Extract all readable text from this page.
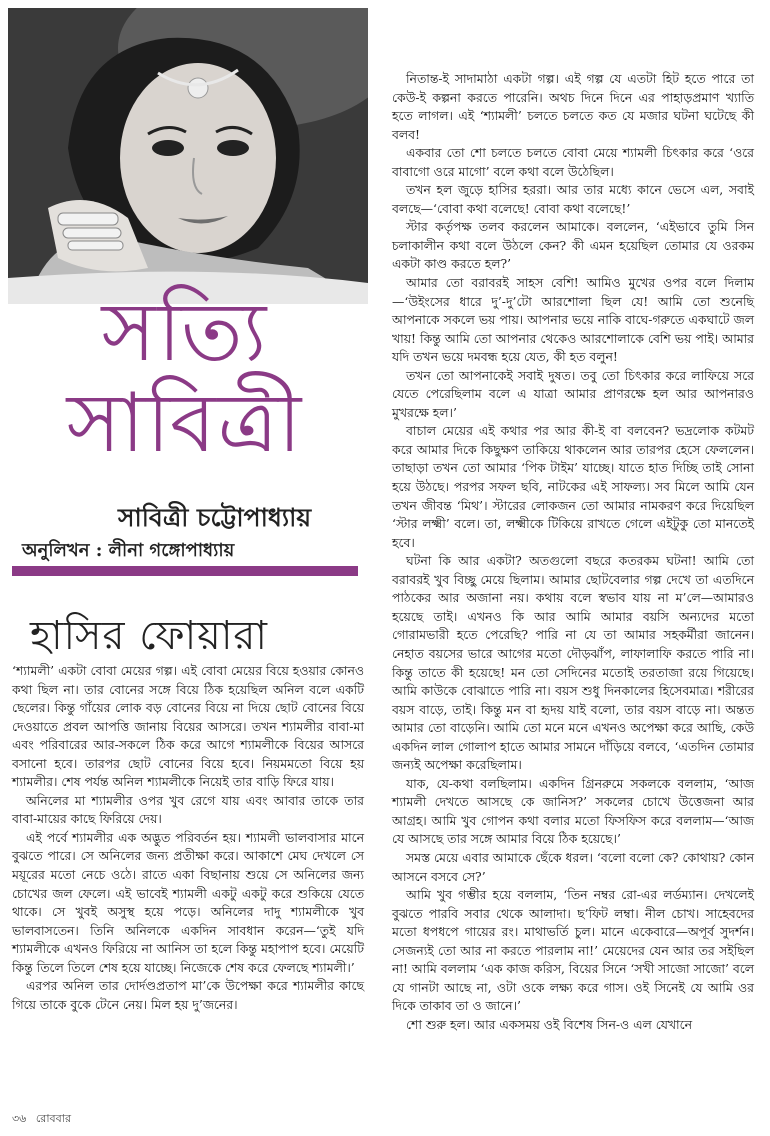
সত্যি
সাবিত্রী
সাবিত্রী চট্টোপাধ্যায়
অনুলিখন : লীনা গঙ্গোপাধ্যায়
হাসির ফোয়ারা

‘শ্যামলী’ একটা বোবা মেয়ের গল্প। এই বোবা মেয়ের বিয়ে হওয়ার কোনও কথা ছিল না। তার বোনের সঙ্গে বিয়ে ঠিক হয়েছিল অনিল বলে একটি ছেলের। কিন্তু গাঁয়ের লোক বড় বোনের বিয়ে না দিয়ে ছোট বোনের বিয়ে দেওয়াতে প্রবল আপত্তি জানায় বিয়ের আসরে। তখন শ্যামলীর বাবা-মা এবং পরিবারের আর-সকলে ঠিক করে আগে শ্যামলীকে বিয়ের আসরে বসানো হবে। তারপর ছোট বোনের বিয়ে হবে। নিয়মমতো বিয়ে হয় শ্যামলীর। শেষ পর্যন্ত অনিল শ্যামলীকে নিয়েই তার বাড়ি ফিরে যায়।

অনিলের মা শ্যামলীর ওপর খুব রেগে যায় এবং আবার তাকে তার বাবা-মায়ের কাছে ফিরিয়ে দেয়।

এই পর্বে শ্যামলীর এক অদ্ভুত পরিবর্তন হয়। শ্যামলী ভালবাসার মানে বুঝতে পারে। সে অনিলের জন্য প্রতীক্ষা করে। আকাশে মেঘ দেখলে সে ময়ূরের মতো নেচে ওঠে। রাতে একা বিছানায় শুয়ে সে অনিলের জন্য চোখের জল ফেলে। এই ভাবেই শ্যামলী একটু একটু করে শুকিয়ে যেতে থাকে। সে খুবই অসুস্থ হয়ে পড়ে। অনিলের দাদু শ্যামলীকে খুব ভালবাসতেন। তিনি অনিলকে একদিন সাবধান করেন—‘তুই যদি শ্যামলীকে এখনও ফিরিয়ে না আনিস তা হলে কিন্তু মহাপাপ হবে। মেয়েটি কিন্তু তিলে তিলে শেষ হয়ে যাচ্ছে। নিজেকে শেষ করে ফেলছে শ্যামলী।’

এরপর অনিল তার দোর্দণ্ডপ্রতাপ মা’কে উপেক্ষা করে শ্যামলীর কাছে গিয়ে তাকে বুকে টেনে নেয়। মিল হয় দু’জনের।

নিতান্ত-ই সাদামাঠা একটা গল্প। এই গল্প যে এতটা হিট হতে পারে তা কেউ-ই কল্পনা করতে পারেনি। অথচ দিনে দিনে এর পাহাড়প্রমাণ খ্যাতি হতে লাগল। এই ‘শ্যামলী’ চলতে চলতে কত যে মজার ঘটনা ঘটেছে কী বলব!

একবার তো শো চলতে চলতে বোবা মেয়ে শ্যামলী চিৎকার করে ‘ওরে বাবাগো ওরে মাগো’ বলে কথা বলে উঠেছিল।

তখন হল জুড়ে হাসির হররা। আর তার মধ্যে কানে ভেসে এল, সবাই বলছে—‘বোবা কথা বলেছে! বোবা কথা বলেছে!’

স্টার কর্তৃপক্ষ তলব করলেন আমাকে। বললেন, ‘এইভাবে তুমি সিন চলাকালীন কথা বলে উঠলে কেন? কী এমন হয়েছিল তোমার যে ওরকম একটা কাণ্ড করতে হল?’

আমার তো বরাবরই সাহস বেশি! আমিও মুখের ওপর বলে দিলাম—‘উইংসের ধারে দু’-দু’টো আরশোলা ছিল যে! আমি তো শুনেছি আপনাকে সকলে ভয় পায়। আপনার ভয়ে নাকি বাঘে-গরুতে একঘাটে জল খায়! কিন্তু আমি তো আপনার থেকেও আরশোলাকে বেশি ভয় পাই। আমার যদি তখন ভয়ে দমবন্ধ হয়ে যেত, কী হত বলুন!

তখন তো আপনাকেই সবাই দুষত। তবু তো চিৎকার করে লাফিয়ে সরে যেতে পেরেছিলাম বলে এ যাত্রা আমার প্রাণরক্ষে হল আর আপনারও মুখরক্ষে হল।’

বাচাল মেয়ের এই কথার পর আর কী-ই বা বলবেন? ভদ্রলোক কটমট করে আমার দিকে কিছুক্ষণ তাকিয়ে থাকলেন আর তারপর হেসে ফেললেন। তাছাড়া তখন তো আমার ‘পিক টাইম’ যাচ্ছে। যাতে হাত দিচ্ছি তাই সোনা হয়ে উঠছে। পরপর সফল ছবি, নাটকের এই সাফল্য। সব মিলে আমি যেন তখন জীবন্ত ‘মিথ’। স্টারের লোকজন তো আমার নামকরণ করে দিয়েছিল ‘স্টার লক্ষ্মী’ বলে। তা, লক্ষ্মীকে টিকিয়ে রাখতে গেলে এইটুকু তো মানতেই হবে।

ঘটনা কি আর একটা? অতগুলো বছরে কতরকম ঘটনা! আমি তো বরাবরই খুব বিচ্ছু মেয়ে ছিলাম। আমার ছোটবেলার গল্প দেখে তা এতদিনে পাঠকের আর অজানা নয়। কথায় বলে স্বভাব যায় না ম’লে—আমারও হয়েছে তাই। এখনও কি আর আমি আমার বয়সি অন্যদের মতো গোরামভারী হতে পেরেছি? পারি না যে তা আমার সহকর্মীরা জানেন। নেহাত বয়সের ভারে আগের মতো দৌড়ঝাঁপ, লাফালাফি করতে পারি না। কিন্তু তাতে কী হয়েছে! মন তো সেদিনের মতোই তরতাজা রয়ে গিয়েছে। আমি কাউকে বোঝাতে পারি না। বয়স শুধু দিনকালের হিসেবমাত্র। শরীরের বয়স বাড়ে, তাই। কিন্তু মন বা হৃদয় যাই বলো, তার বয়স বাড়ে না। অন্তত আমার তো বাড়েনি। আমি তো মনে মনে এখনও অপেক্ষা করে আছি, কেউ একদিন লাল গোলাপ হাতে আমার সামনে দাঁড়িয়ে বলবে, ‘এতদিন তোমার জন্যই অপেক্ষা করেছিলাম।

যাক, যে-কথা বলছিলাম। একদিন গ্রিনরুমে সকলকে বললাম, ‘আজ শ্যামলী দেখতে আসছে কে জানিস?’ সকলের চোখে উত্তেজনা আর আগ্রহ। আমি খুব গোপন কথা বলার মতো ফিসফিস করে বললাম—‘আজ যে আসছে তার সঙ্গে আমার বিয়ে ঠিক হয়েছে।’

সমস্ত মেয়ে এবার আমাকে ছেঁকে ধরল। ‘বলো বলো কে? কোথায়? কোন আসনে বসবে সে?’

আমি খুব গম্ভীর হয়ে বললাম, ‘তিন নম্বর রো-এর লর্ডম্যান। দেখলেই বুঝতে পারবি সবার থেকে আলাদা। ছ’ফিট লম্বা। নীল চোখ। সাহেবদের মতো ধপধপে গায়ের রং। মাথাভর্তি চুল। মানে একেবারে—অপূর্ব সুদর্শন। সেজন্যই তো আর না করতে পারলাম না!’ মেয়েদের যেন আর তর সইছিল না! আমি বললাম ‘এক কাজ করিস, বিয়ের সিনে ‘সখী সাজো সাজো’ বলে যে গানটা আছে না, ওটা ওকে লক্ষ্য করে গাস। ওই সিনেই যে আমি ওর দিকে তাকাব তা ও জানে।’

শো শুরু হল। আর একসময় ওই বিশেষ সিন-ও এল যেখানে

৩৬ রোববার
